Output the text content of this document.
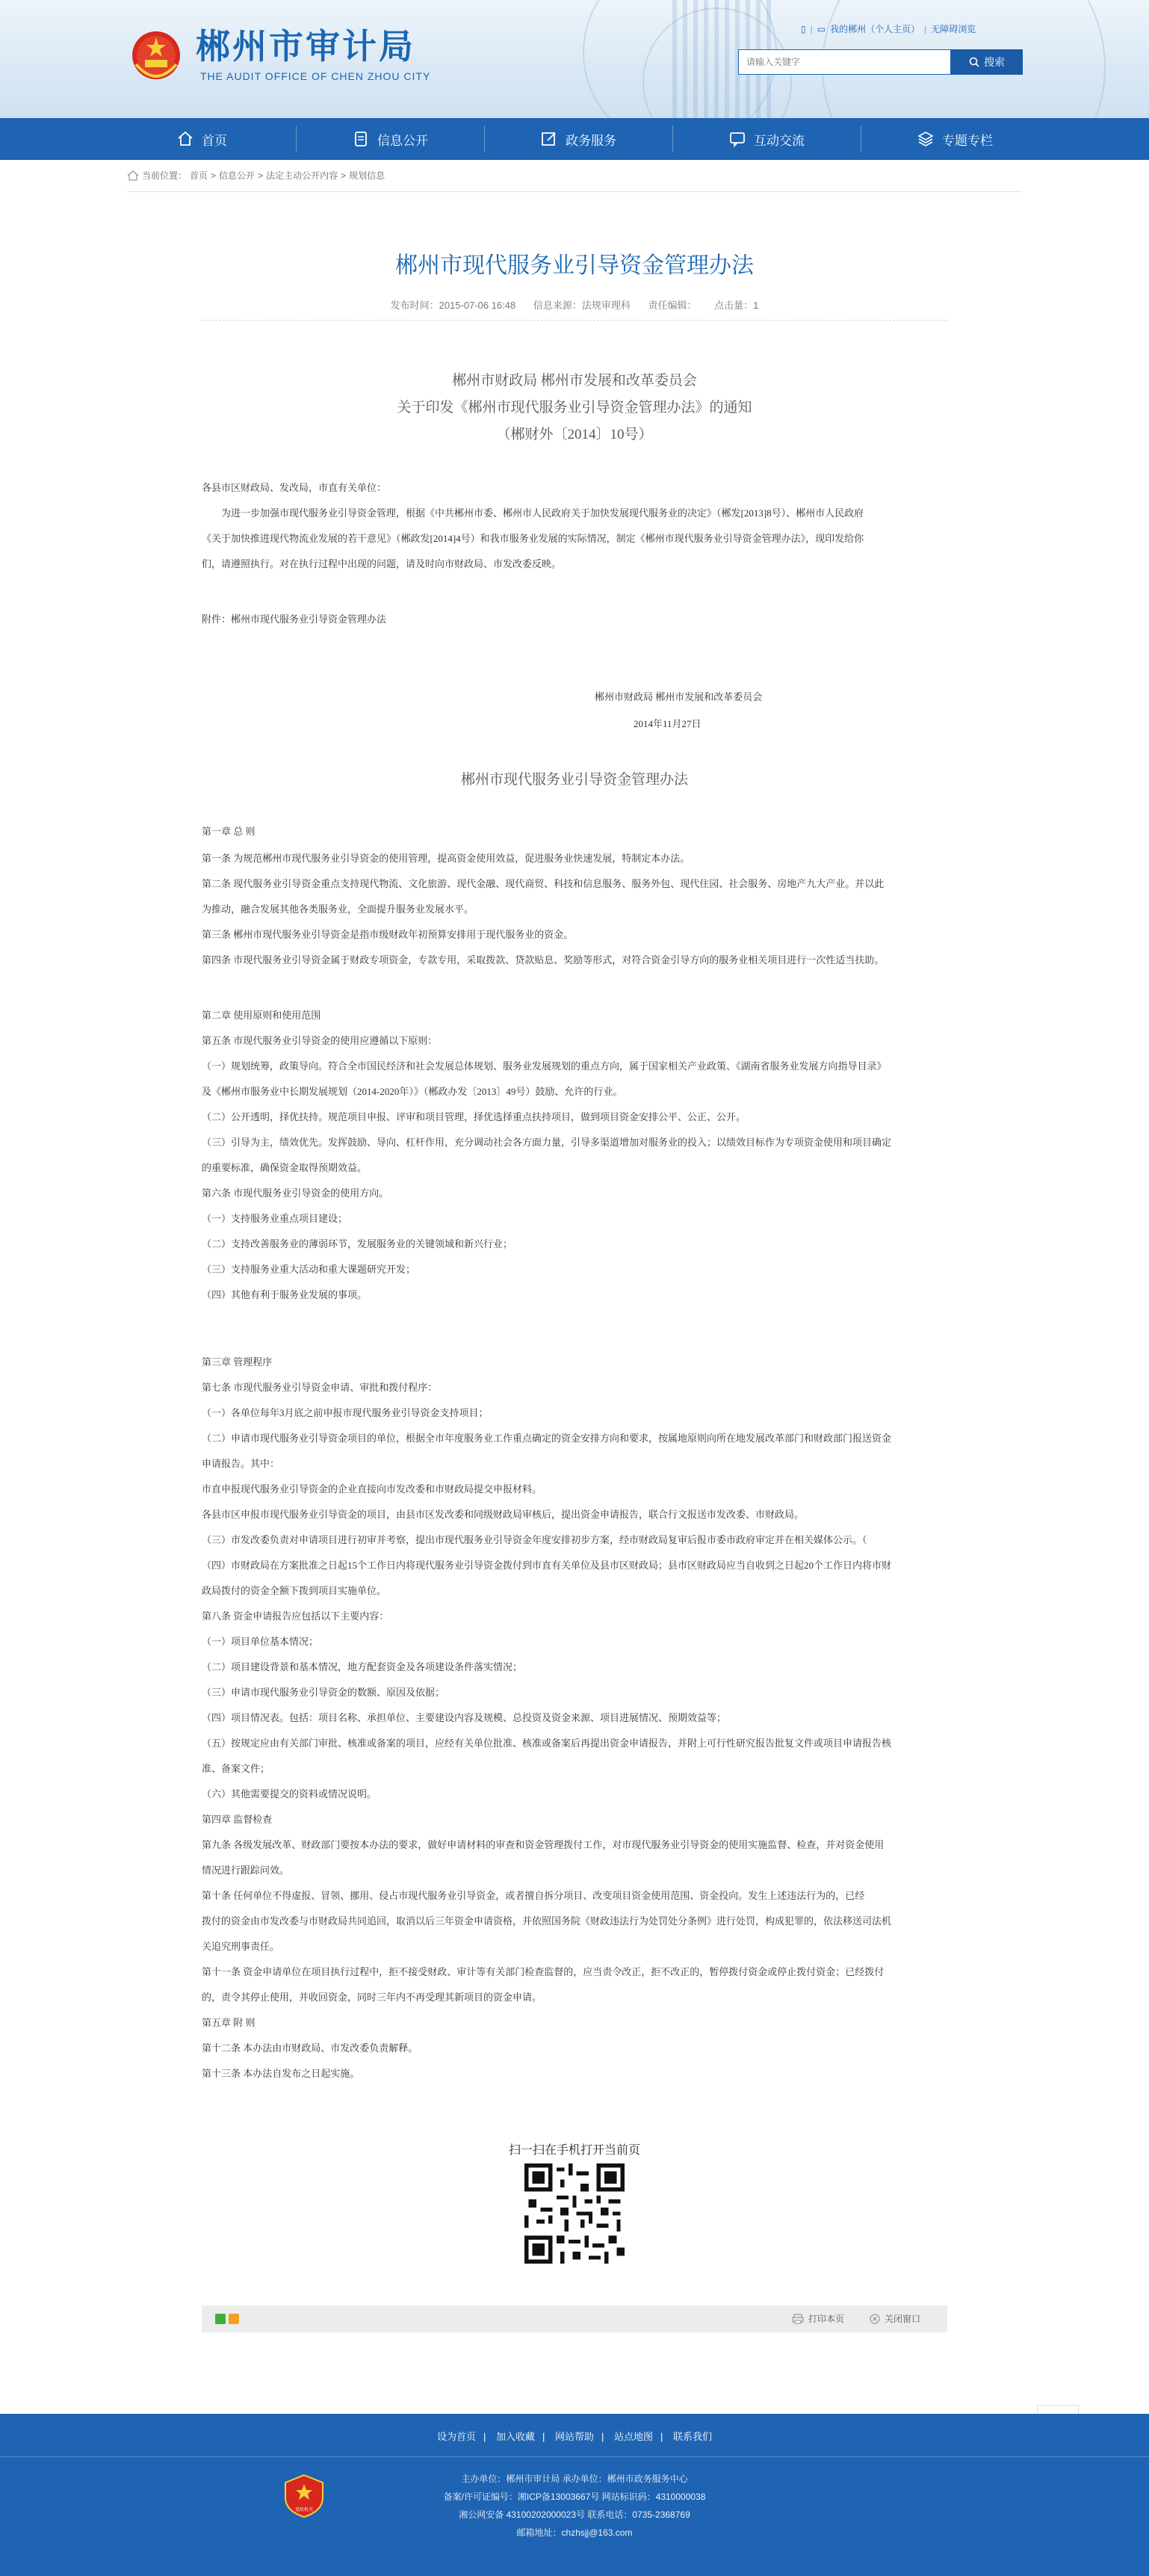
郴州市审计局
THE AUDIT OFFICE OF CHEN ZHOU CITY
▯ | ▭ 我的郴州（个人主页） | 无障碍浏览
请输入关键字
搜索
首页	信息公开	政务服务	互动交流	专题专栏
当前位置： 首页 > 信息公开 > 法定主动公开内容 > 规划信息
郴州市现代服务业引导资金管理办法
发布时间：2015-07-06 16:48 信息来源：法规审理科 责任编辑： 点击量：1
郴州市财政局 郴州市发展和改革委员会
关于印发《郴州市现代服务业引导资金管理办法》的通知
（郴财外〔2014〕10号）
各县市区财政局、发改局，市直有关单位：
为进一步加强市现代服务业引导资金管理，根据《中共郴州市委、郴州市人民政府关于加快发展现代服务业的决定》（郴发[2013]8号）、郴州市人民政府
《关于加快推进现代物流业发展的若干意见》（郴政发[2014]4号）和我市服务业发展的实际情况，制定《郴州市现代服务业引导资金管理办法》，现印发给你
们，请遵照执行。对在执行过程中出现的问题，请及时向市财政局、市发改委反映。
附件：郴州市现代服务业引导资金管理办法
郴州市财政局 郴州市发展和改革委员会
2014年11月27日
郴州市现代服务业引导资金管理办法
第一章 总 则
第一条 为规范郴州市现代服务业引导资金的使用管理，提高资金使用效益，促进服务业快速发展，特制定本办法。
第二条 现代服务业引导资金重点支持现代物流、文化旅游、现代金融、现代商贸、科技和信息服务、服务外包、现代住园、社会服务、房地产九大产业。并以此
为推动，融合发展其他各类服务业，全面提升服务业发展水平。
第三条 郴州市现代服务业引导资金是指市级财政年初预算安排用于现代服务业的资金。
第四条 市现代服务业引导资金属于财政专项资金，专款专用，采取拨款、贷款贴息、奖励等形式，对符合资金引导方向的服务业相关项目进行一次性适当扶助。
第二章 使用原则和使用范围
第五条 市现代服务业引导资金的使用应遵循以下原则：
（一）规划统筹，政策导向。符合全市国民经济和社会发展总体规划、服务业发展规划的重点方向，属于国家相关产业政策、《湖南省服务业发展方向指导目录》
及《郴州市服务业中长期发展规划（2014-2020年）》（郴政办发〔2013〕49号）鼓励、允许的行业。
（二）公开透明，择优扶持。规范项目申报、评审和项目管理，择优选择重点扶持项目，做到项目资金安排公平、公正、公开。
（三）引导为主，绩效优先。发挥鼓励、导向、杠杆作用，充分调动社会各方面力量，引导多渠道增加对服务业的投入；以绩效目标作为专项资金使用和项目确定
的重要标准，确保资金取得预期效益。
第六条 市现代服务业引导资金的使用方向。
（一）支持服务业重点项目建设；
（二）支持改善服务业的薄弱环节，发展服务业的关键领域和新兴行业；
（三）支持服务业重大活动和重大课题研究开发；
（四）其他有利于服务业发展的事项。
第三章 管理程序
第七条 市现代服务业引导资金申请、审批和拨付程序：
（一）各单位每年3月底之前申报市现代服务业引导资金支持项目；
（二）申请市现代服务业引导资金项目的单位，根据全市年度服务业工作重点确定的资金安排方向和要求，按属地原则向所在地发展改革部门和财政部门报送资金
申请报告。其中：
市直申报现代服务业引导资金的企业直接向市发改委和市财政局提交申报材料。
各县市区申报市现代服务业引导资金的项目，由县市区发改委和同级财政局审核后，提出资金申请报告，联合行文报送市发改委、市财政局。
（三）市发改委负责对申请项目进行初审并考察，提出市现代服务业引导资金年度安排初步方案，经市财政局复审后报市委市政府审定并在相关媒体公示。（
（四）市财政局在方案批准之日起15个工作日内将现代服务业引导资金拨付到市直有关单位及县市区财政局；县市区财政局应当自收到之日起20个工作日内将市财
政局拨付的资金全额下拨到项目实施单位。
第八条 资金申请报告应包括以下主要内容：
（一）项目单位基本情况；
（二）项目建设背景和基本情况，地方配套资金及各项建设条件落实情况；
（三）申请市现代服务业引导资金的数额、原因及依据；
（四）项目情况表。包括：项目名称、承担单位、主要建设内容及规模、总投资及资金来源、项目进展情况、预期效益等；
（五）按规定应由有关部门审批、核准或备案的项目，应经有关单位批准、核准或备案后再提出资金申请报告，并附上可行性研究报告批复文件或项目申请报告核
准、备案文件；
（六）其他需要提交的资料或情况说明。
第四章 监督检查
第九条 各级发展改革、财政部门要按本办法的要求，做好申请材料的审查和资金管理拨付工作，对市现代服务业引导资金的使用实施监督、检查，并对资金使用
情况进行跟踪问效。
第十条 任何单位不得虚报、冒领、挪用、侵占市现代服务业引导资金，或者擅自拆分项目、改变项目资金使用范围、资金投向。发生上述违法行为的，已经
拨付的资金由市发改委与市财政局共同追回，取消以后三年资金申请资格，并依照国务院《财政违法行为处罚处分条例》进行处罚，构成犯罪的，依法移送司法机
关追究刑事责任。
第十一条 资金申请单位在项目执行过程中，拒不接受财政、审计等有关部门检查监督的，应当责令改正，拒不改正的，暂停拨付资金或停止拨付资金；已经拨付
的，责令其停止使用，并收回资金，同时三年内不再受理其新项目的资金申请。
第五章 附 则
第十二条 本办法由市财政局、市发改委负责解释。
第十三条 本办法自发布之日起实施。
扫一扫在手机打开当前页
打印本页	关闭窗口
设为首页 | 加入收藏 | 网站帮助 | 站点地图 | 联系我们
党政机关
主办单位：郴州市审计局 承办单位：郴州市政务服务中心
备案/许可证编号：湘ICP备13003667号 网站标识码：4310000038
湘公网安备 43100202000023号 联系电话：0735-2368769
邮箱地址：chzhsjj@163.com
